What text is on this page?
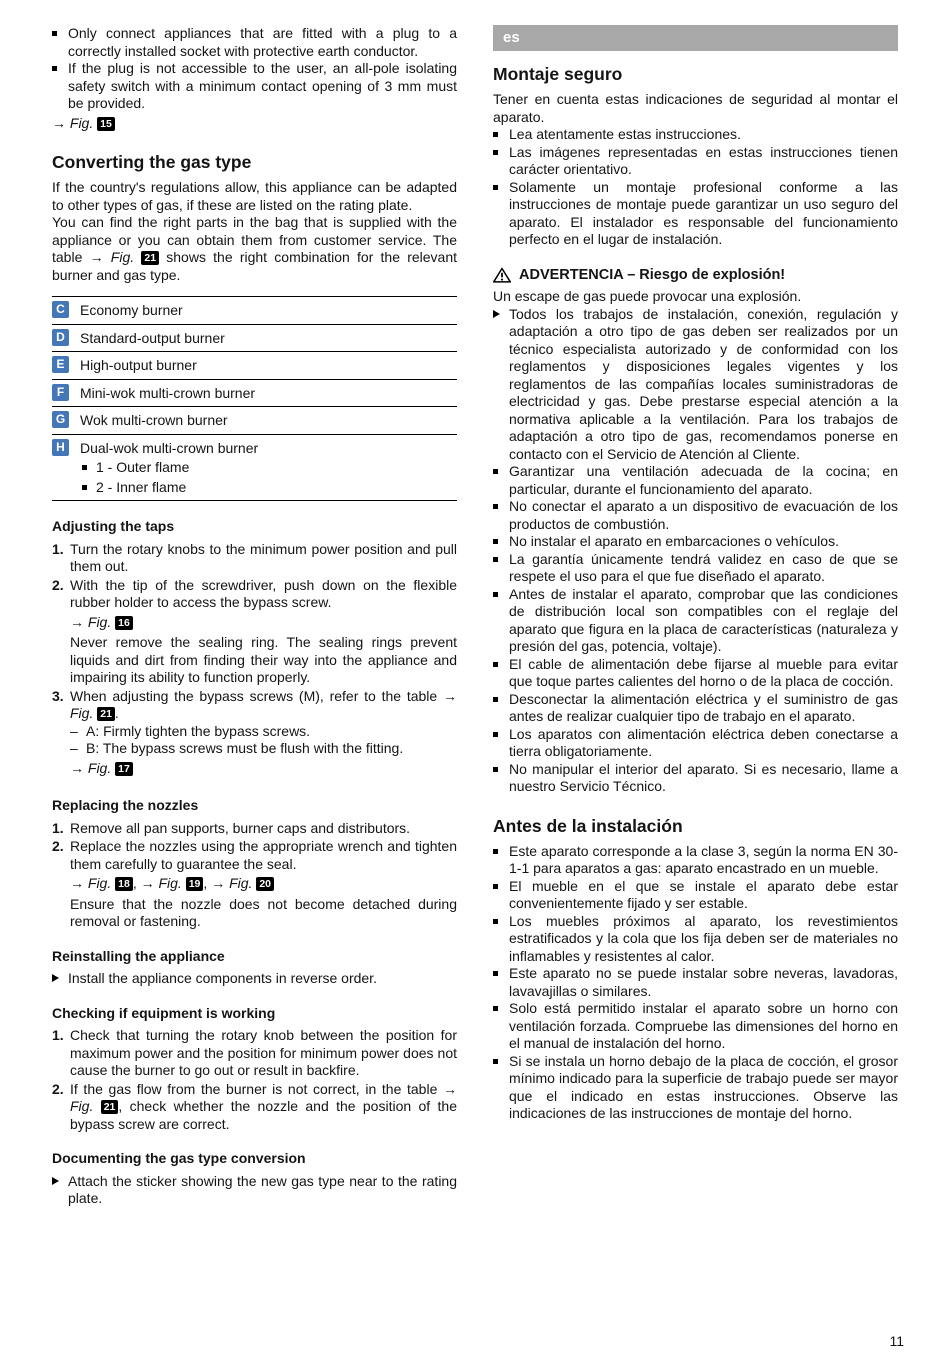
Only connect appliances that are fitted with a plug to a correctly installed socket with protective earth conductor.
If the plug is not accessible to the user, an all-pole isolating safety switch with a minimum contact opening of 3 mm must be provided.
→ Fig. 15
Converting the gas type

If the country's regulations allow, this appliance can be adapted to other types of gas, if these are listed on the rating plate.

You can find the right parts in the bag that is supplied with the appliance or you can obtain them from customer service. The table → Fig. 21 shows the right combination for the relevant burner and gas type.

C Economy burner
D Standard-output burner
E	High-output burner
F	Mini-wok multi-crown burner
G Wok multi-crown burner
H Dual-wok multi-crown burner
1 - Outer flame
2 - Inner flame
Adjusting the taps
1. Turn the rotary knobs to the minimum power position and pull them out.
2. With the tip of the screwdriver, push down on the flexible rubber holder to access the bypass screw.
→ Fig. 16
Never remove the sealing ring. The sealing rings prevent liquids and dirt from finding their way into the appliance and impairing its ability to function properly.
3. When adjusting the bypass screws (M), refer to the table → Fig. 21 .
– A: Firmly tighten the bypass screws.
– B: The bypass screws must be flush with the fitting.
→ Fig. 17
Replacing the nozzles
1. Remove all pan supports, burner caps and distributors.
2. Replace the nozzles using the appropriate wrench and tighten them carefully to guarantee the seal.
→ Fig. 18 , → Fig. 19 , → Fig. 20
Ensure that the nozzle does not become detached during removal or fastening.
Reinstalling the appliance
Install the appliance components in reverse order.
Checking if equipment is working
1. Check that turning the rotary knob between the position for maximum power and the position for minimum power does not cause the burner to go out or result in backfire.
2. If the gas flow from the burner is not correct, in the table → Fig. 21 , check whether the nozzle and the position of the bypass screw are correct.
Documenting the gas type conversion
Attach the sticker showing the new gas type near to the rating plate.
es
Montaje seguro

Tener en cuenta estas indicaciones de seguridad al montar el aparato.

Lea atentamente estas instrucciones.
Las imágenes representadas en estas instrucciones tienen carácter orientativo.
Solamente un montaje profesional conforme a las instrucciones de montaje puede garantizar un uso seguro del aparato. El instalador es responsable del funcionamiento perfecto en el lugar de instalación.
ADVERTENCIA – Riesgo de explosión!

Un escape de gas puede provocar una explosión.

Todos los trabajos de instalación, conexión, regulación y adaptación a otro tipo de gas deben ser realizados por un técnico especialista autorizado y de conformidad con los reglamentos y disposiciones legales vigentes y los reglamentos de las compañías locales suministradoras de electricidad y gas. Debe prestarse especial atención a la normativa aplicable a la ventilación. Para los trabajos de adaptación a otro tipo de gas, recomendamos ponerse en contacto con el Servicio de Atención al Cliente.
Garantizar una ventilación adecuada de la cocina; en particular, durante el funcionamiento del aparato.
No conectar el aparato a un dispositivo de evacuación de los productos de combustión.
No instalar el aparato en embarcaciones o vehículos.
La garantía únicamente tendrá validez en caso de que se respete el uso para el que fue diseñado el aparato.
Antes de instalar el aparato, comprobar que las condiciones de distribución local son compatibles con el reglaje del aparato que figura en la placa de características (naturaleza y presión del gas, potencia, voltaje).
El cable de alimentación debe fijarse al mueble para evitar que toque partes calientes del horno o de la placa de cocción.
Desconectar la alimentación eléctrica y el suministro de gas antes de realizar cualquier tipo de trabajo en el aparato.
Los aparatos con alimentación eléctrica deben conectarse a tierra obligatoriamente.
No manipular el interior del aparato. Si es necesario, llame a nuestro Servicio Técnico.
Antes de la instalación
Este aparato corresponde a la clase 3, según la norma EN 30-1-1 para aparatos a gas: aparato encastrado en un mueble.
El mueble en el que se instale el aparato debe estar convenientemente fijado y ser estable.
Los muebles próximos al aparato, los revestimientos estratificados y la cola que los fija deben ser de materiales no inflamables y resistentes al calor.
Este aparato no se puede instalar sobre neveras, lavadoras, lavavajillas o similares.
Solo está permitido instalar el aparato sobre un horno con ventilación forzada. Compruebe las dimensiones del horno en el manual de instalación del horno.
Si se instala un horno debajo de la placa de cocción, el grosor mínimo indicado para la superficie de trabajo puede ser mayor que el indicado en estas instrucciones. Observe las indicaciones de las instrucciones de montaje del horno.
11
